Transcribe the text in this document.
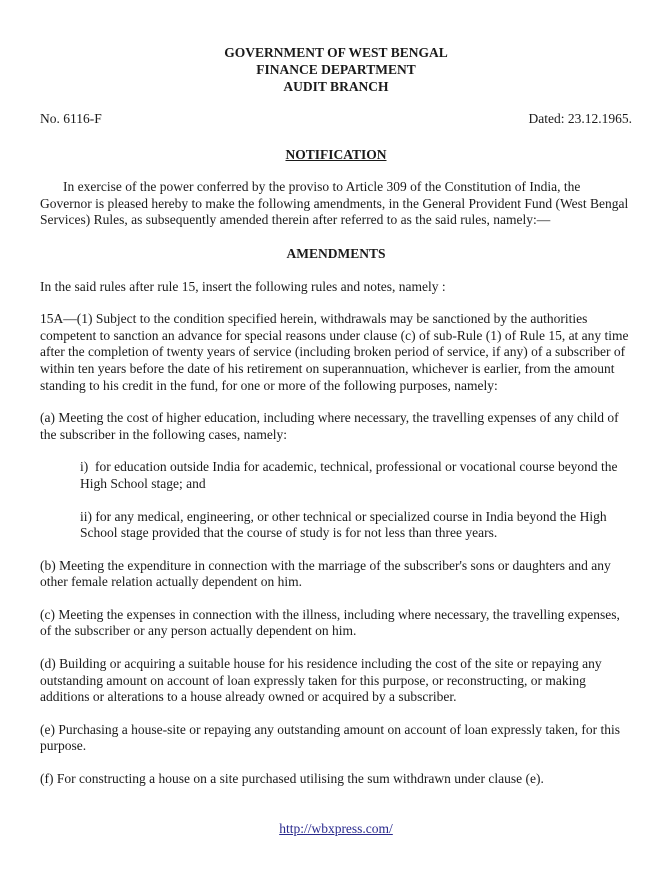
GOVERNMENT OF WEST BENGAL
FINANCE DEPARTMENT
AUDIT BRANCH
No. 6116-F	Dated: 23.12.1965.
NOTIFICATION

In exercise of the power conferred by the proviso to Article 309 of the Constitution of India, the Governor is pleased hereby to make the following amendments, in the General Provident Fund (West Bengal Services) Rules, as subsequently amended therein after referred to as the said rules, namely:—

AMENDMENTS

In the said rules after rule 15, insert the following rules and notes, namely :

15A—(1) Subject to the condition specified herein, withdrawals may be sanctioned by the authorities competent to sanction an advance for special reasons under clause (c) of sub-Rule (1) of Rule 15, at any time after the completion of twenty years of service (including broken period of service, if any) of a subscriber of within ten years before the date of his retirement on superannuation, whichever is earlier, from the amount standing to his credit in the fund, for one or more of the following purposes, namely:

(a) Meeting the cost of higher education, including where necessary, the travelling expenses of any child of the subscriber in the following cases, namely:

i)  for education outside India for academic, technical, professional or vocational course beyond the High School stage; and

ii) for any medical, engineering, or other technical or specialized course in India beyond the High School stage provided that the course of study is for not less than three years.

(b) Meeting the expenditure in connection with the marriage of the subscriber's sons or daughters and any other female relation actually dependent on him.

(c) Meeting the expenses in connection with the illness, including where necessary, the travelling expenses, of the subscriber or any person actually dependent on him.

(d) Building or acquiring a suitable house for his residence including the cost of the site or repaying any outstanding amount on account of loan expressly taken for this purpose, or reconstructing, or making additions or alterations to a house already owned or acquired by a subscriber.

(e) Purchasing a house-site or repaying any outstanding amount on account of loan expressly taken, for this purpose.

(f) For constructing a house on a site purchased utilising the sum withdrawn under clause (e).

http://wbxpress.com/
